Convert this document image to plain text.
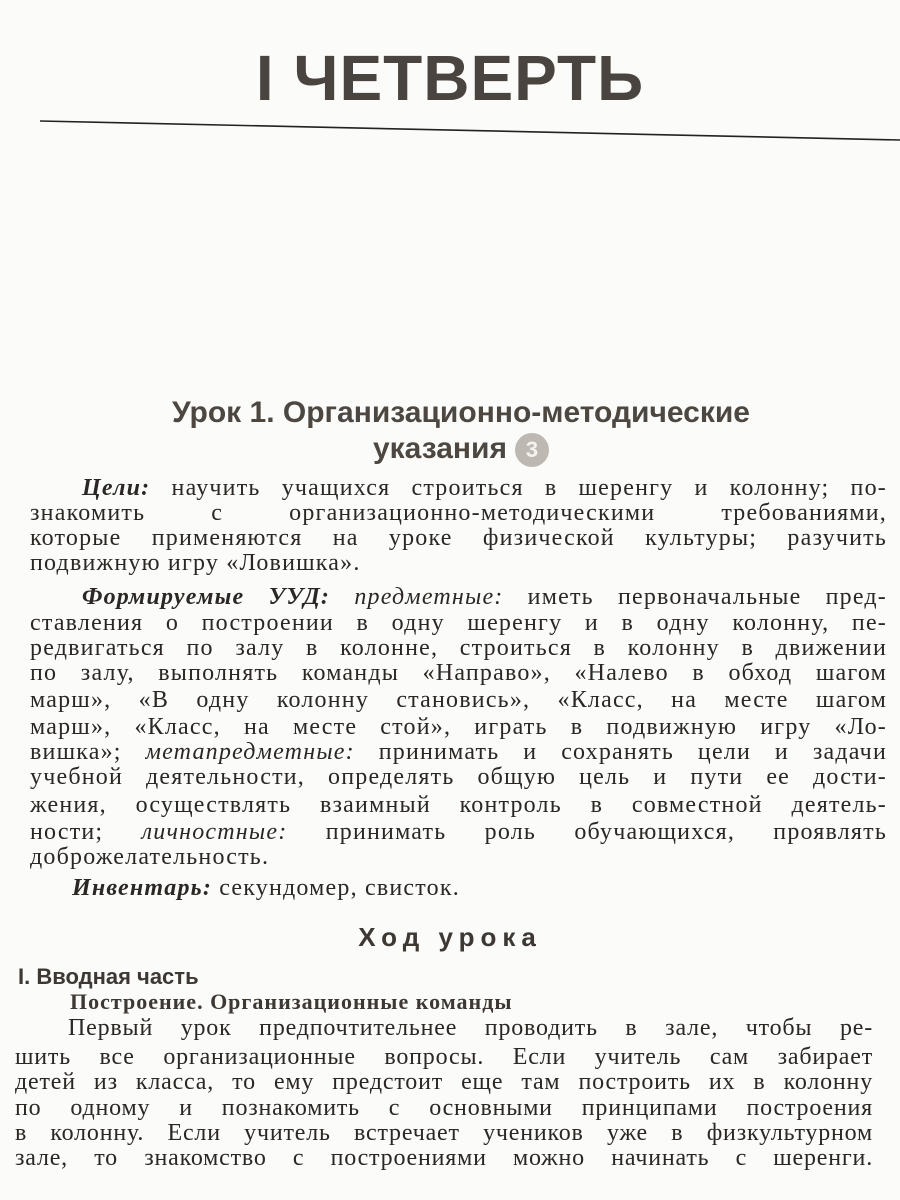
I ЧЕТВЕРТЬ
Урок 1. Организационно-методические
указания 3
Цели: научить учащихся строиться в шеренгу и колонну; по-
знакомить с организационно-методическими требованиями,
которые применяются на уроке физической культуры; разучить
подвижную игру «Ловишка».
Формируемые УУД: предметные: иметь первоначальные пред-
ставления о построении в одну шеренгу и в одну колонну, пе-
редвигаться по залу в колонне, строиться в колонну в движении
по залу, выполнять команды «Направо», «Налево в обход шагом
марш», «В одну колонну становись», «Класс, на месте шагом
марш», «Класс, на месте стой», играть в подвижную игру «Ло-
вишка»; метапредметные: принимать и сохранять цели и задачи
учебной деятельности, определять общую цель и пути ее дости-
жения, осуществлять взаимный контроль в совместной деятель-
ности; личностные: принимать роль обучающихся, проявлять
доброжелательность.
Инвентарь: секундомер, свисток.
Первый урок предпочтительнее проводить в зале, чтобы ре-
шить все организационные вопросы. Если учитель сам забирает
детей из класса, то ему предстоит еще там построить их в колонну
по одному и познакомить с основными принципами построения
в колонну. Если учитель встречает учеников уже в физкультурном
зале, то знакомство с построениями можно начинать с шеренги.
Ход урока
I. Вводная часть
Построение. Организационные команды
